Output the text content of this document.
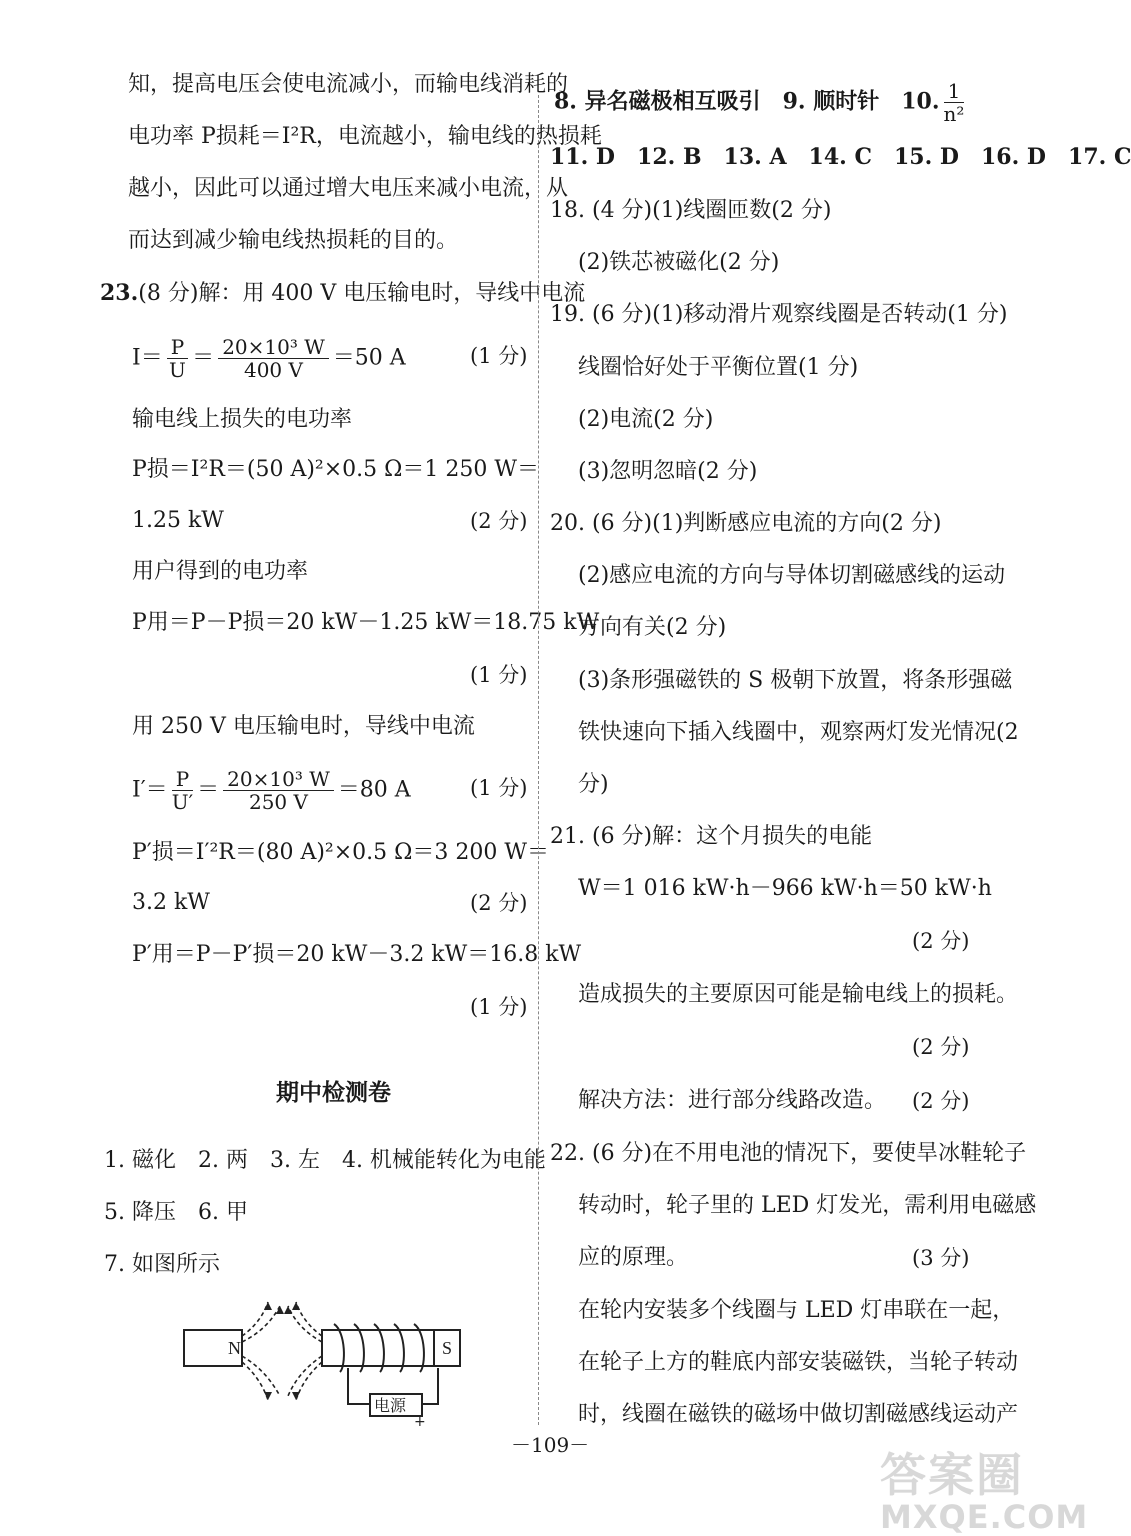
知，提高电压会使电流减小，而输电线消耗的
电功率 P损耗＝I²R，电流越小，输电线的热损耗
越小，因此可以通过增大电压来减小电流，从
而达到减少输电线热损耗的目的。
23.(8 分)解：用 400 V 电压输电时，导线中电流
$I= \frac{P}{U} = \frac{\text{20×10³ W}}{400 V} =50$ A	(1 分)
输电线上损失的电功率
P损＝I²R＝(50 A)²×0.5 Ω＝1 250 W＝
1.25 kW	(2 分)
用户得到的电功率
P用＝P－P损＝20 kW－1.25 kW＝18.75 kW
(1 分)
用 250 V 电压输电时，导线中电流
$I'= \frac{P}{U'} = \frac{\text{20×10³ W}}{250 V} =80$ A	(1 分)
P′损＝I′²R＝(80 A)²×0.5 Ω＝3 200 W＝
3.2 kW	(2 分)
P′用＝P－P′损＝20 kW－3.2 kW＝16.8 kW
(1 分)
期中检测卷
1. 磁化　2. 两　3. 左　4. 机械能转化为电能
5. 降压　6. 甲
7. 如图所示
N	S
电源
+
8. 异名磁极相互吸引　9. 顺时针　10. $\frac{1}{\text{n²}}$
11. D　12. B　13. A　14. C　15. D　16. D　17. C
18. (4 分)(1)线圈匝数(2 分)
(2)铁芯被磁化(2 分)
19. (6 分)(1)移动滑片观察线圈是否转动(1 分)
线圈恰好处于平衡位置(1 分)
(2)电流(2 分)
(3)忽明忽暗(2 分)
20. (6 分)(1)判断感应电流的方向(2 分)
(2)感应电流的方向与导体切割磁感线的运动
方向有关(2 分)
(3)条形强磁铁的 S 极朝下放置，将条形强磁
铁快速向下插入线圈中，观察两灯发光情况(2
分)
21. (6 分)解：这个月损失的电能
W＝1 016 kW·h－966 kW·h＝50 kW·h
(2 分)
造成损失的主要原因可能是输电线上的损耗。
(2 分)
解决方法：进行部分线路改造。 (2 分)
22. (6 分)在不用电池的情况下，要使旱冰鞋轮子
转动时，轮子里的 LED 灯发光，需利用电磁感
应的原理。	(3 分)
在轮内安装多个线圈与 LED 灯串联在一起，
在轮子上方的鞋底内部安装磁铁，当轮子转动
时，线圈在磁铁的磁场中做切割磁感线运动产
－109－
答案圈
MXQE.COM
